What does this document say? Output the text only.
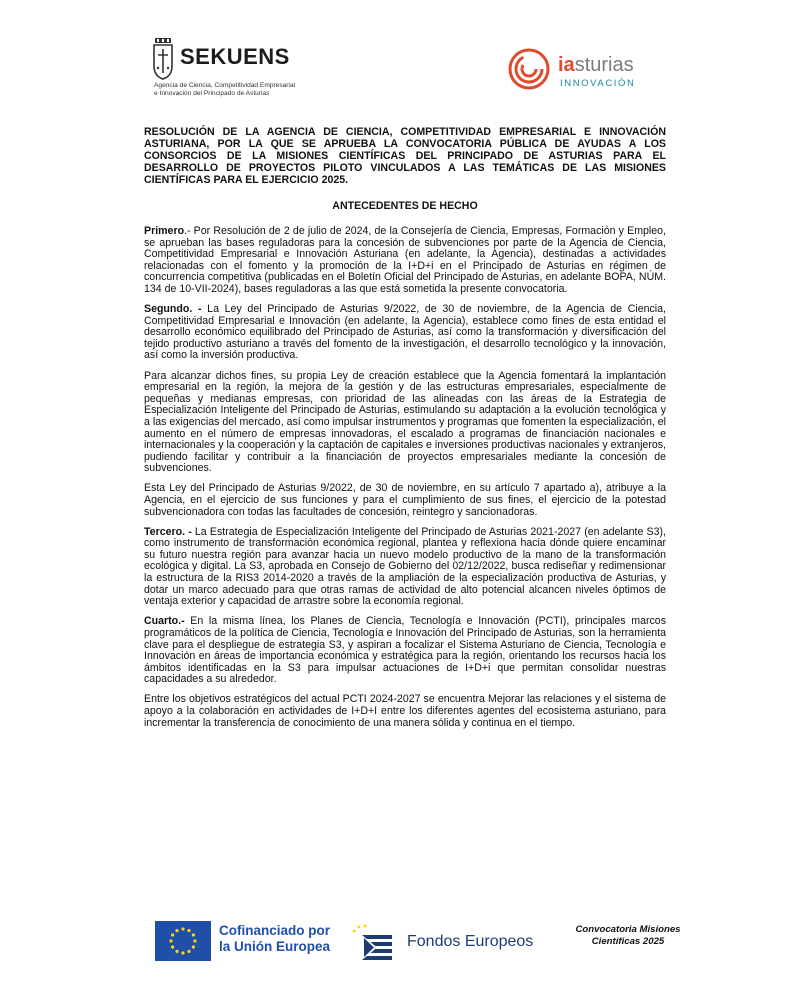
SEKUENS
Agencia de Ciencia, Competitividad Empresarial
e Innovación del Principado de Asturias
iasturias
INNOVACIÓN
RESOLUCIÓN DE LA AGENCIA DE CIENCIA, COMPETITIVIDAD EMPRESARIAL E INNOVACIÓN ASTURIANA, POR LA QUE SE APRUEBA LA CONVOCATORIA PÚBLICA DE AYUDAS A LOS CONSORCIOS DE LA MISIONES CIENTÍFICAS DEL PRINCIPADO DE ASTURIAS PARA EL DESARROLLO DE PROYECTOS PILOTO VINCULADOS A LAS TEMÁTICAS DE LAS MISIONES CIENTÍFICAS PARA EL EJERCICIO 2025.
ANTECEDENTES DE HECHO

Primero.- Por Resolución de 2 de julio de 2024, de la Consejería de Ciencia, Empresas, Formación y Empleo, se aprueban las bases reguladoras para la concesión de subvenciones por parte de la Agencia de Ciencia, Competitividad Empresarial e Innovación Asturiana (en adelante, la Agencia), destinadas a actividades relacionadas con el fomento y la promoción de la I+D+i en el Principado de Asturias en régimen de concurrencia competitiva (publicadas en el Boletín Oficial del Principado de Asturias, en adelante BOPA, NÚM. 134 de 10-VII-2024), bases reguladoras a las que está sometida la presente convocatoria.

Segundo. - La Ley del Principado de Asturias 9/2022, de 30 de noviembre, de la Agencia de Ciencia, Competitividad Empresarial e Innovación (en adelante, la Agencia), establece como fines de esta entidad el desarrollo económico equilibrado del Principado de Asturias, así como la transformación y diversificación del tejido productivo asturiano a través del fomento de la investigación, el desarrollo tecnológico y la innovación, así como la inversión productiva.

Para alcanzar dichos fines, su propia Ley de creación establece que la Agencia fomentará la implantación empresarial en la región, la mejora de la gestión y de las estructuras empresariales, especialmente de pequeñas y medianas empresas, con prioridad de las alineadas con las áreas de la Estrategia de Especialización Inteligente del Principado de Asturias, estimulando su adaptación a la evolución tecnológica y a las exigencias del mercado, así como impulsar instrumentos y programas que fomenten la especialización, el aumento en el número de empresas innovadoras, el escalado a programas de financiación nacionales e internacionales y la cooperación y la captación de capitales e inversiones productivas nacionales y extranjeros, pudiendo facilitar y contribuir a la financiación de proyectos empresariales mediante la concesión de subvenciones.

Esta Ley del Principado de Asturias 9/2022, de 30 de noviembre, en su artículo 7 apartado a), atribuye a la Agencia, en el ejercicio de sus funciones y para el cumplimiento de sus fines, el ejercicio de la potestad subvencionadora con todas las facultades de concesión, reintegro y sancionadoras.

Tercero. - La Estrategia de Especialización Inteligente del Principado de Asturias 2021-2027 (en adelante S3), como instrumento de transformación económica regional, plantea y reflexiona hacia dónde quiere encaminar su futuro nuestra región para avanzar hacia un nuevo modelo productivo de la mano de la transformación ecológica y digital. La S3, aprobada en Consejo de Gobierno del 02/12/2022, busca rediseñar y redimensionar la estructura de la RIS3 2014-2020 a través de la ampliación de la especialización productiva de Asturias, y dotar un marco adecuado para que otras ramas de actividad de alto potencial alcancen niveles óptimos de ventaja exterior y capacidad de arrastre sobre la economía regional.

Cuarto.- En la misma línea, los Planes de Ciencia, Tecnología e Innovación (PCTI), principales marcos programáticos de la política de Ciencia, Tecnología e Innovación del Principado de Asturias, son la herramienta clave para el despliegue de estrategia S3, y aspiran a focalizar el Sistema Asturiano de Ciencia, Tecnología e Innovación en áreas de importancia económica y estratégica para la región, orientando los recursos hacia los ámbitos identificadas en la S3 para impulsar actuaciones de I+D+i que permitan consolidar nuestras capacidades a su alrededor.

Entre los objetivos estratégicos del actual PCTI 2024-2027 se encuentra Mejorar las relaciones y el sistema de apoyo a la colaboración en actividades de I+D+I entre los diferentes agentes del ecosistema asturiano, para incrementar la transferencia de conocimiento de una manera sólida y continua en el tiempo.

Cofinanciado por
la Unión Europea	Fondos Europeos
Convocatoria Misiones
Científicas 2025
